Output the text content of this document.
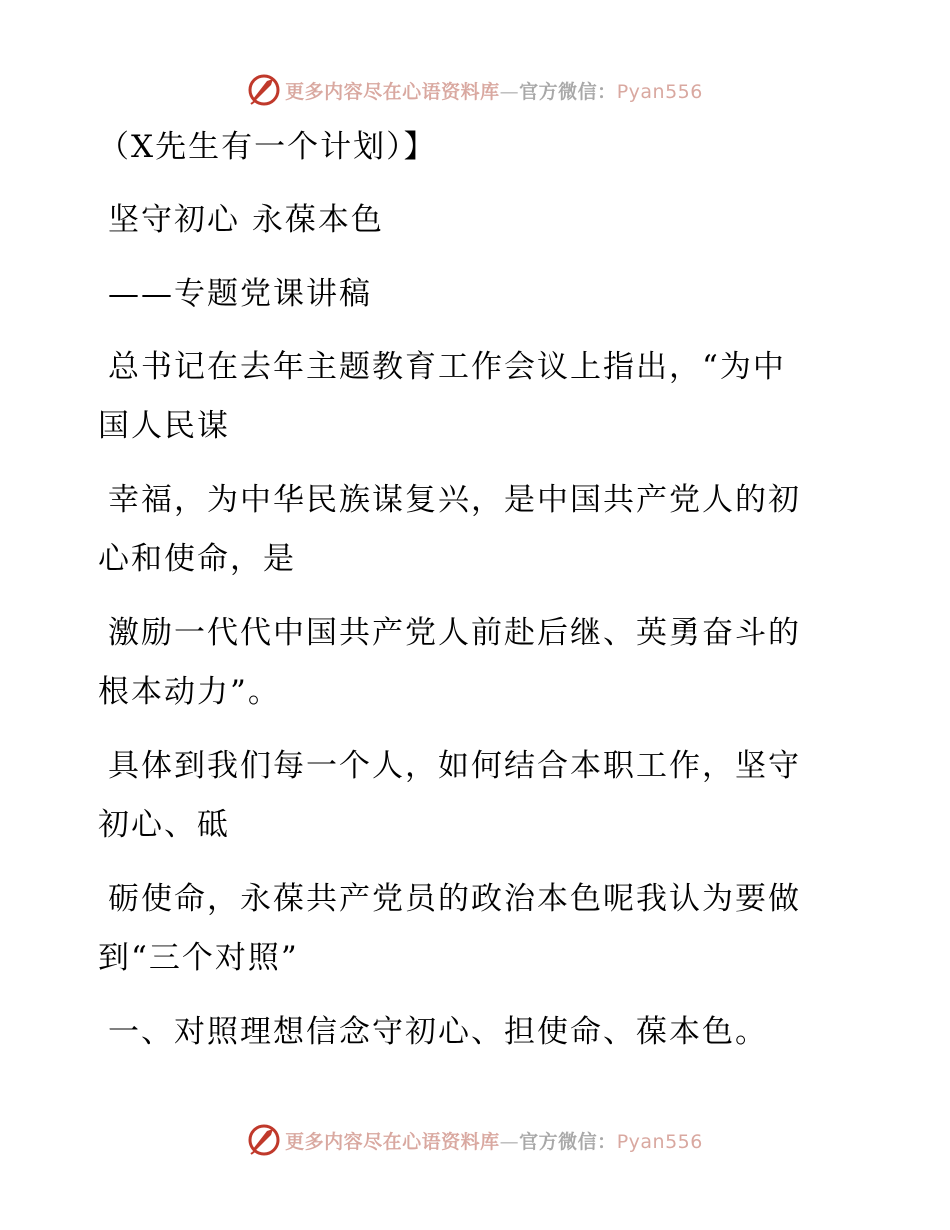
更多内容尽在心语资料库—官方微信：Pyan556
（X先生有一个计划）】
坚守初心 永葆本色
——专题党课讲稿
总书记在去年主题教育工作会议上指出，“为中
国人民谋
幸福，为中华民族谋复兴，是中国共产党人的初
心和使命，是
激励一代代中国共产党人前赴后继、英勇奋斗的
根本动力”。
具体到我们每一个人，如何结合本职工作，坚守
初心、砥
砺使命，永葆共产党员的政治本色呢我认为要做
到“三个对照”
一、对照理想信念守初心、担使命、葆本色。
更多内容尽在心语资料库—官方微信：Pyan556
